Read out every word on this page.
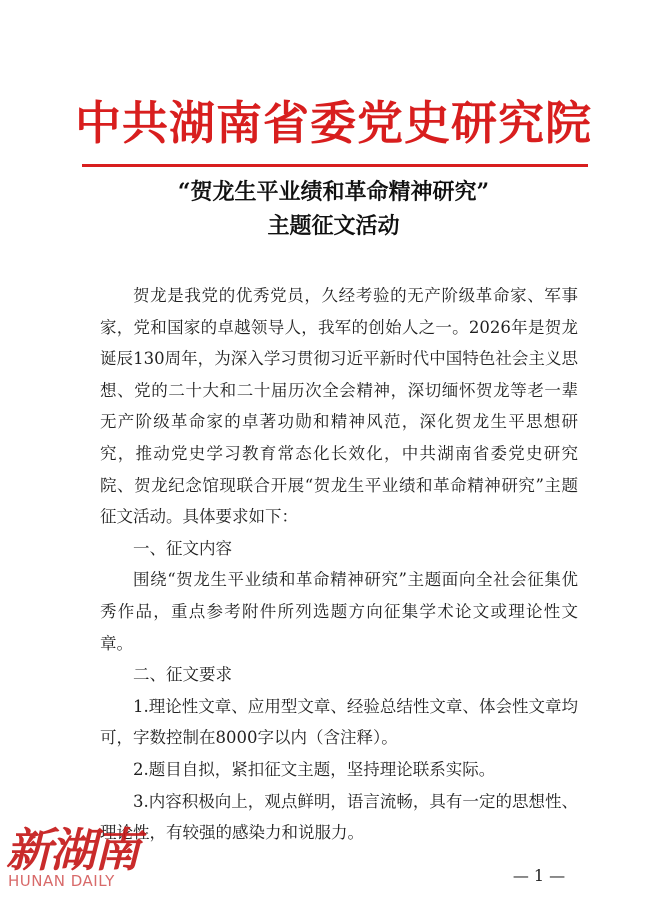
中共湖南省委党史研究院
“贺龙生平业绩和革命精神研究”
主题征文活动

贺龙是我党的优秀党员，久经考验的无产阶级革命家、军事家，党和国家的卓越领导人，我军的创始人之一。2026年是贺龙诞辰130周年，为深入学习贯彻习近平新时代中国特色社会主义思想、党的二十大和二十届历次全会精神，深切缅怀贺龙等老一辈无产阶级革命家的卓著功勋和精神风范，深化贺龙生平思想研究，推动党史学习教育常态化长效化，中共湖南省委党史研究院、贺龙纪念馆现联合开展“贺龙生平业绩和革命精神研究”主题征文活动。具体要求如下：

一、征文内容

围绕“贺龙生平业绩和革命精神研究”主题面向全社会征集优秀作品，重点参考附件所列选题方向征集学术论文或理论性文章。

二、征文要求

1.理论性文章、应用型文章、经验总结性文章、体会性文章均可，字数控制在8000字以内（含注释）。

2.题目自拟，紧扣征文主题，坚持理论联系实际。

3.内容积极向上，观点鲜明，语言流畅，具有一定的思想性、理论性，有较强的感染力和说服力。

新湖南
HUNAN DAILY	— 1 —
